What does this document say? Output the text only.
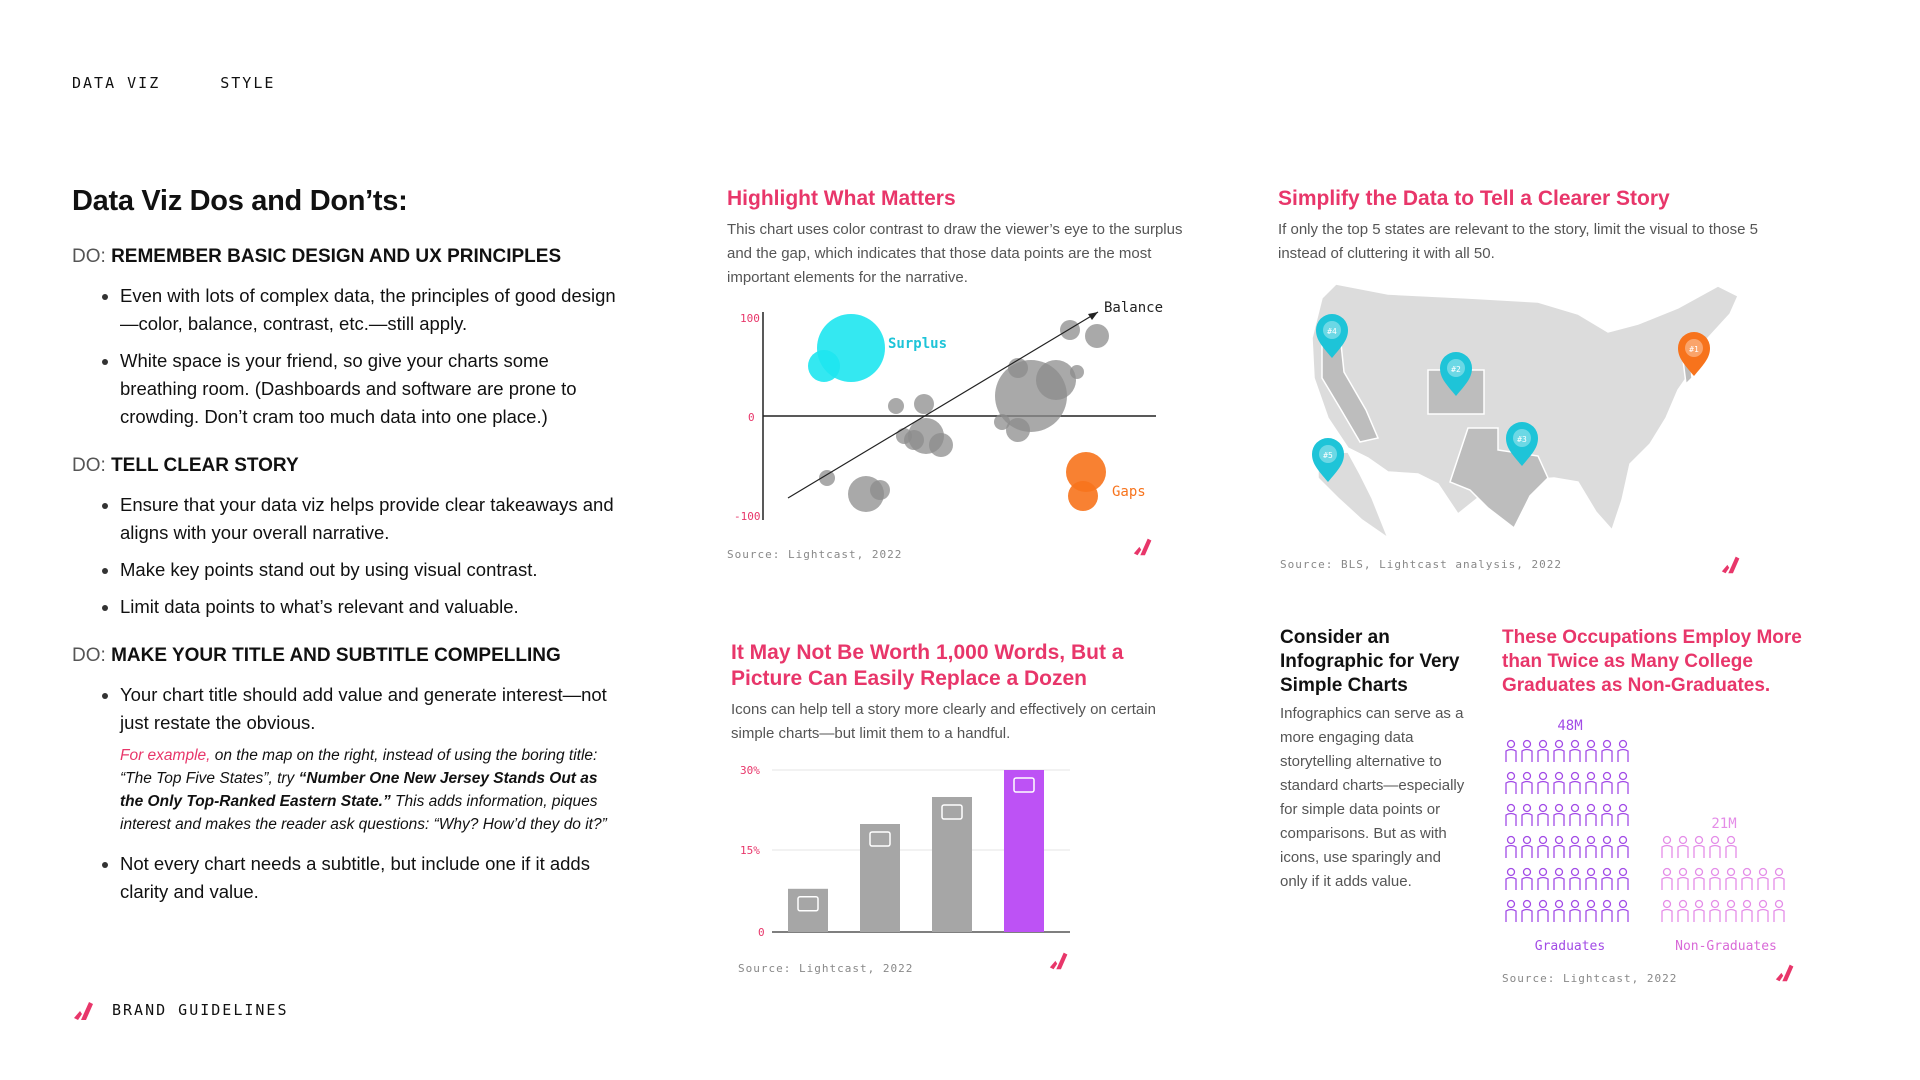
DATA VIZ	STYLE
Data Viz Dos and Don’ts:
DO: REMEMBER BASIC DESIGN AND UX PRINCIPLES
Even with lots of complex data, the principles of good design—color, balance, contrast, etc.—still apply.
White space is your friend, so give your charts some breathing room. (Dashboards and software are prone to crowding. Don’t cram too much data into one place.)
DO: TELL CLEAR STORY
Ensure that your data viz helps provide clear takeaways and aligns with your overall narrative.
Make key points stand out by using visual contrast.
Limit data points to what’s relevant and valuable.
DO: MAKE YOUR TITLE AND SUBTITLE COMPELLING
Your chart title should add value and generate interest—not just restate the obvious.

For example, on the map on the right, instead of using the boring title: “The Top Five States”, try “Number One New Jersey Stands Out as the Only Top-Ranked Eastern State.” This adds information, piques interest and makes the reader ask questions: “Why? How’d they do it?”

Not every chart needs a subtitle, but include one if it adds clarity and value.
BRAND GUIDELINES
Highlight What Matters

This chart uses color contrast to draw the viewer’s eye to the surplus and the gap, which indicates that those data points are the most important elements for the narrative.

100
0
-100
Surplus
Gaps
Balance
Source: Lightcast, 2022
Simplify the Data to Tell a Clearer Story

If only the top 5 states are relevant to the story, limit the visual to those 5 instead of cluttering it with all 50.

#1
#2
#3
#4
#5
Source: BLS, Lightcast analysis, 2022
It May Not Be Worth 1,000 Words, But a Picture Can Easily Replace a Dozen

Icons can help tell a story more clearly and effectively on certain simple charts—but limit them to a handful.

30%
15%
0
Source: Lightcast, 2022
Consider an Infographic for Very Simple Charts

Infographics can serve as a more engaging data storytelling alternative to standard charts—especially for simple data points or comparisons. But as with icons, use sparingly and only if it adds value.

These Occupations Employ More than Twice as Many College Graduates as Non-Graduates.
48M
21M
Graduates	Non-Graduates
Source: Lightcast, 2022
